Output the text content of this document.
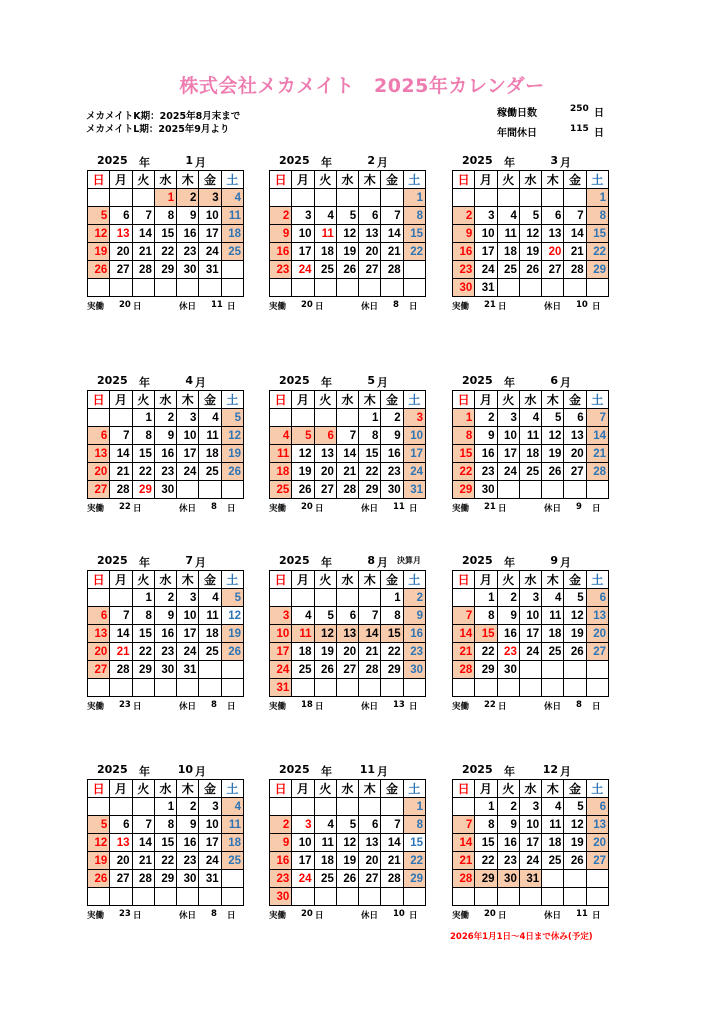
株式会社メカメイト　2025年カレンダー
メカメイトK期：2025年8月末まで
メカメイトL期：2025年9月より
稼働日数	250 日
年間休日	115 日
2025 年	1 月
日	月	火	水	木	金	土
			1	2	3	4
5	6	7	8	9	10	11
12	13	14	15	16	17	18
19	20	21	22	23	24	25
26	27	28	29	30	31	

実働 20 日	休日 11 日
2025 年	2 月
日	月	火	水	木	金	土
						1
2	3	4	5	6	7	8
9	10	11	12	13	14	15
16	17	18	19	20	21	22
23	24	25	26	27	28	

実働 20 日	休日 8 日
2025 年	3 月
日	月	火	水	木	金	土
						1
2	3	4	5	6	7	8
9	10	11	12	13	14	15
16	17	18	19	20	21	22
23	24	25	26	27	28	29
30	31					
実働 21 日	休日 10 日
2025 年	4 月
日	月	火	水	木	金	土
		1	2	3	4	5
6	7	8	9	10	11	12
13	14	15	16	17	18	19
20	21	22	23	24	25	26
27	28	29	30			
実働 22 日	休日 8 日
2025 年	5 月
日	月	火	水	木	金	土
				1	2	3
4	5	6	7	8	9	10
11	12	13	14	15	16	17
18	19	20	21	22	23	24
25	26	27	28	29	30	31
実働 20 日	休日 11 日
2025 年	6 月
日	月	火	水	木	金	土
1	2	3	4	5	6	7
8	9	10	11	12	13	14
15	16	17	18	19	20	21
22	23	24	25	26	27	28
29	30					
実働 21 日	休日 9 日
2025 年	7 月
日	月	火	水	木	金	土
		1	2	3	4	5
6	7	8	9	10	11	12
13	14	15	16	17	18	19
20	21	22	23	24	25	26
27	28	29	30	31		

実働 23 日	休日 8 日
2025 年	8 月 決算月
日	月	火	水	木	金	土
					1	2
3	4	5	6	7	8	9
10	11	12	13	14	15	16
17	18	19	20	21	22	23
24	25	26	27	28	29	30
31						
実働 18 日	休日 13 日
2025 年	9 月
日	月	火	水	木	金	土
	1	2	3	4	5	6
7	8	9	10	11	12	13
14	15	16	17	18	19	20
21	22	23	24	25	26	27
28	29	30				

実働 22 日	休日 8 日
2025 年	10 月
日	月	火	水	木	金	土
			1	2	3	4
5	6	7	8	9	10	11
12	13	14	15	16	17	18
19	20	21	22	23	24	25
26	27	28	29	30	31	

実働 23 日	休日 8 日
2025 年	11 月
日	月	火	水	木	金	土
						1
2	3	4	5	6	7	8
9	10	11	12	13	14	15
16	17	18	19	20	21	22
23	24	25	26	27	28	29
30						
実働 20 日	休日 10 日
2025 年	12 月
日	月	火	水	木	金	土
	1	2	3	4	5	6
7	8	9	10	11	12	13
14	15	16	17	18	19	20
21	22	23	24	25	26	27
28	29	30	31			

実働 20 日	休日 11 日
2026年1月1日～4日まで休み(予定)
